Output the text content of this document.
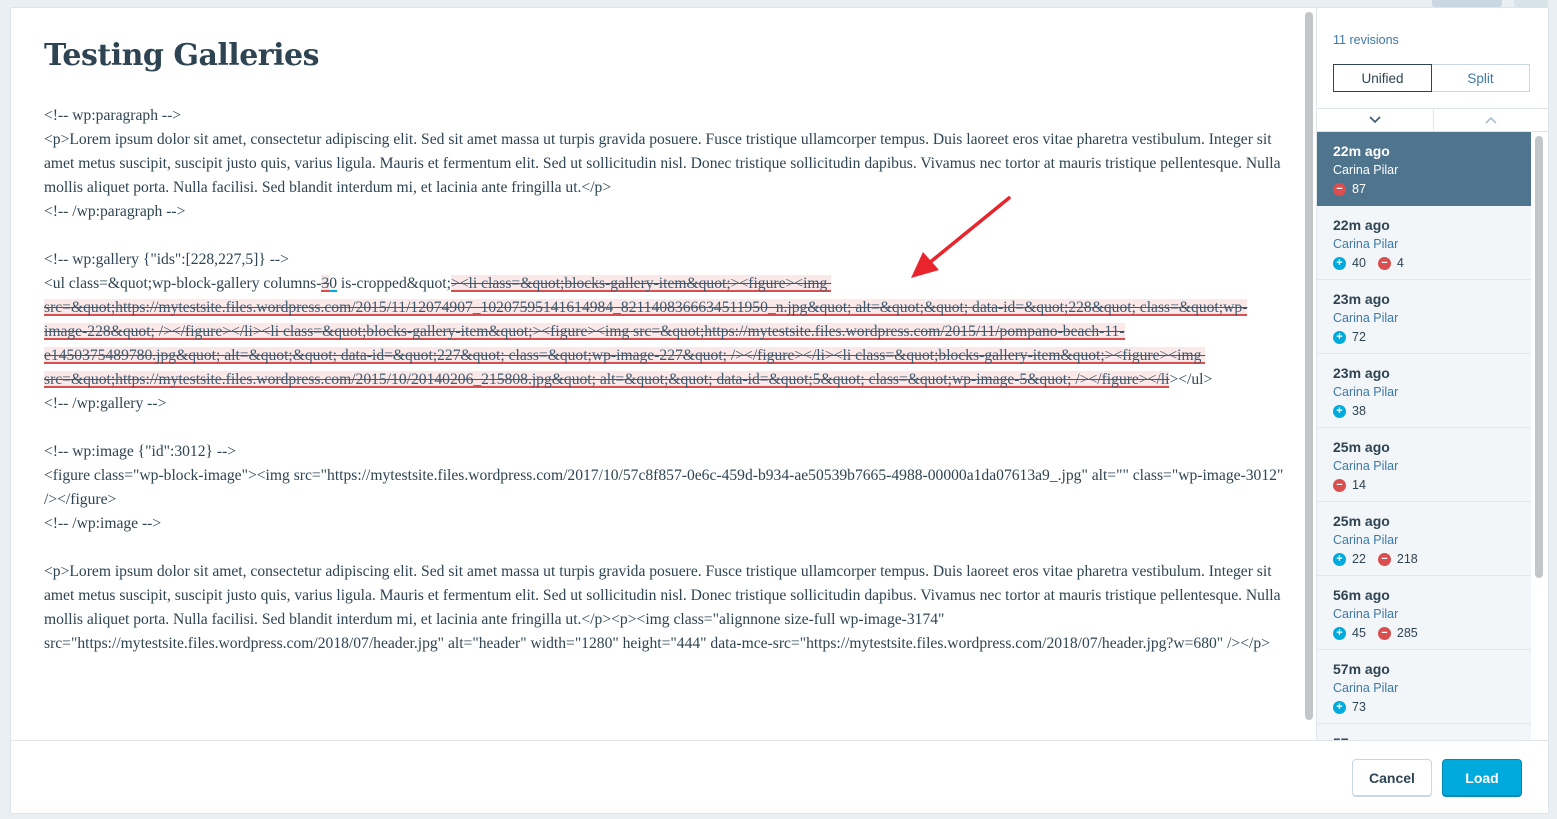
Testing Galleries
<!-- wp:paragraph -->
<p>Lorem ipsum dolor sit amet, consectetur adipiscing elit. Sed sit amet massa ut turpis gravida posuere. Fusce tristique ullamcorper tempus. Duis laoreet eros vitae pharetra vestibulum. Integer sit amet metus suscipit, suscipit justo quis, varius ligula. Mauris et fermentum elit. Sed ut sollicitudin nisl. Donec tristique sollicitudin dapibus. Vivamus nec tortor at mauris tristique pellentesque. Nulla mollis aliquet porta. Nulla facilisi. Sed blandit interdum mi, et lacinia ante fringilla ut.</p>
<!-- /wp:paragraph -->
<!-- wp:gallery {"ids":[228,227,5]} -->
<ul class=&quot;wp-block-gallery columns-30 is-cropped&quot;><li class=&quot;blocks-gallery-item&quot;><figure><img src=&quot;https://mytestsite.files.wordpress.com/2015/11/12074907_10207595141614984_8211408366634511950_n.jpg&quot; alt=&quot;&quot; data-id=&quot;228&quot; class=&quot;wp-image-228&quot; /></figure></li><li class=&quot;blocks-gallery-item&quot;><figure><img src=&quot;https://mytestsite.files.wordpress.com/2015/11/pompano-beach-11-e1450375489780.jpg&quot; alt=&quot;&quot; data-id=&quot;227&quot; class=&quot;wp-image-227&quot; /></figure></li><li class=&quot;blocks-gallery-item&quot;><figure><img src=&quot;https://mytestsite.files.wordpress.com/2015/10/20140206_215808.jpg&quot; alt=&quot;&quot; data-id=&quot;5&quot; class=&quot;wp-image-5&quot; /></figure></li></ul>
<!-- /wp:gallery -->
<!-- wp:image {"id":3012} -->
<figure class="wp-block-image"><img src="https://mytestsite.files.wordpress.com/2017/10/57c8f857-0e6c-459d-b934-ae50539b7665-4988-00000a1da07613a9_.jpg" alt="" class="wp-image-3012" /></figure>
<!-- /wp:image -->
<p>Lorem ipsum dolor sit amet, consectetur adipiscing elit. Sed sit amet massa ut turpis gravida posuere. Fusce tristique ullamcorper tempus. Duis laoreet eros vitae pharetra vestibulum. Integer sit amet metus suscipit, suscipit justo quis, varius ligula. Mauris et fermentum elit. Sed ut sollicitudin nisl. Donec tristique sollicitudin dapibus. Vivamus nec tortor at mauris tristique pellentesque. Nulla mollis aliquet porta. Nulla facilisi. Sed blandit interdum mi, et lacinia ante fringilla ut.</p><p><img class="alignnone size-full wp-image-3174" src="https://mytestsite.files.wordpress.com/2018/07/header.jpg" alt="header" width="1280" height="444" data-mce-src="https://mytestsite.files.wordpress.com/2018/07/header.jpg?w=680" /></p>
11 revisions
Unified	Split
22m ago
Carina Pilar
− 87
22m ago
Carina Pilar
+ 40 − 4
23m ago
Carina Pilar
+ 72
23m ago
Carina Pilar
+ 38
25m ago
Carina Pilar
− 14
25m ago
Carina Pilar
+ 22 − 218
56m ago
Carina Pilar
+ 45 − 285
57m ago
Carina Pilar
+ 73
Cancel	Load
